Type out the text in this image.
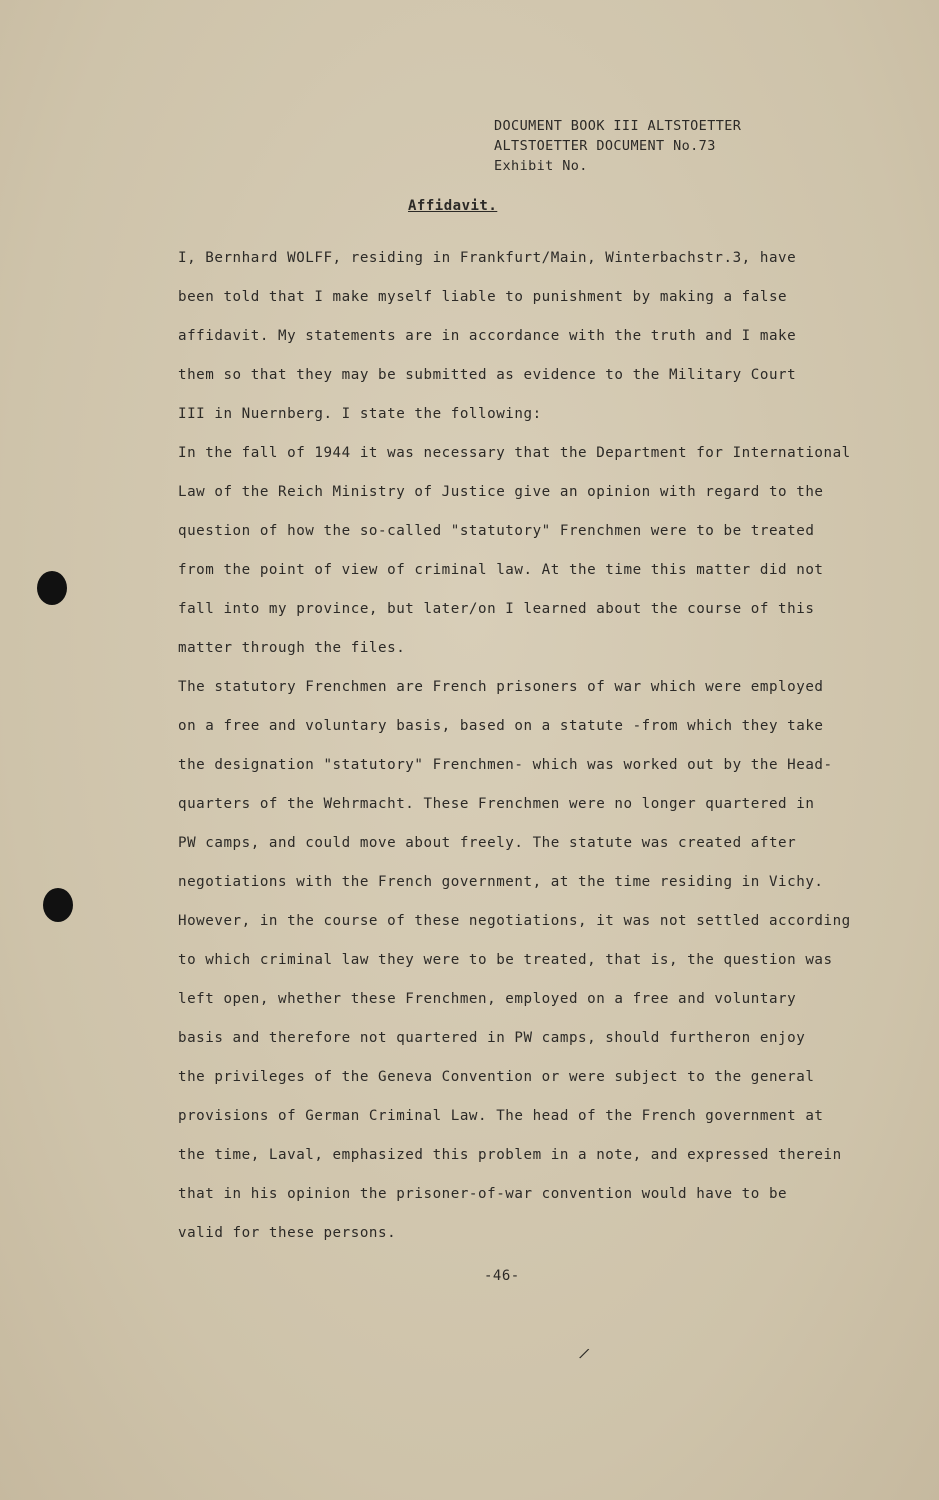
DOCUMENT BOOK III ALTSTOETTER
ALTSTOETTER DOCUMENT No.73
Exhibit No.
Affidavit.
I, Bernhard WOLFF, residing in Frankfurt/Main, Winterbachstr.3, have
been told that I make myself liable to punishment by making a false
affidavit. My statements are in accordance with the truth and I make
them so that they may be submitted as evidence to the Military Court
III in Nuernberg. I state the following:
In the fall of 1944 it was necessary that the Department for International
Law of the Reich Ministry of Justice give an opinion with regard to the
question of how the so-called "statutory" Frenchmen were to be treated
from the point of view of criminal law. At the time this matter did not
fall into my province, but later/on I learned about the course of this
matter through the files.
The statutory Frenchmen are French prisoners of war which were employed
on a free and voluntary basis, based on a statute -from which they take
the designation "statutory" Frenchmen- which was worked out by the Head-
quarters of the Wehrmacht. These Frenchmen were no longer quartered in
PW camps, and could move about freely. The statute was created after
negotiations with the French government, at the time residing in Vichy.
However, in the course of these negotiations, it was not settled according
to which criminal law they were to be treated, that is, the question was
left open, whether these Frenchmen, employed on a free and voluntary
basis and therefore not quartered in PW camps, should furtheron enjoy
the privileges of the Geneva Convention or were subject to the general
provisions of German Criminal Law. The head of the French government at
the time, Laval, emphasized this problem in a note, and expressed therein
that in his opinion the prisoner-of-war convention would have to be
valid for these persons.
-46-
/
